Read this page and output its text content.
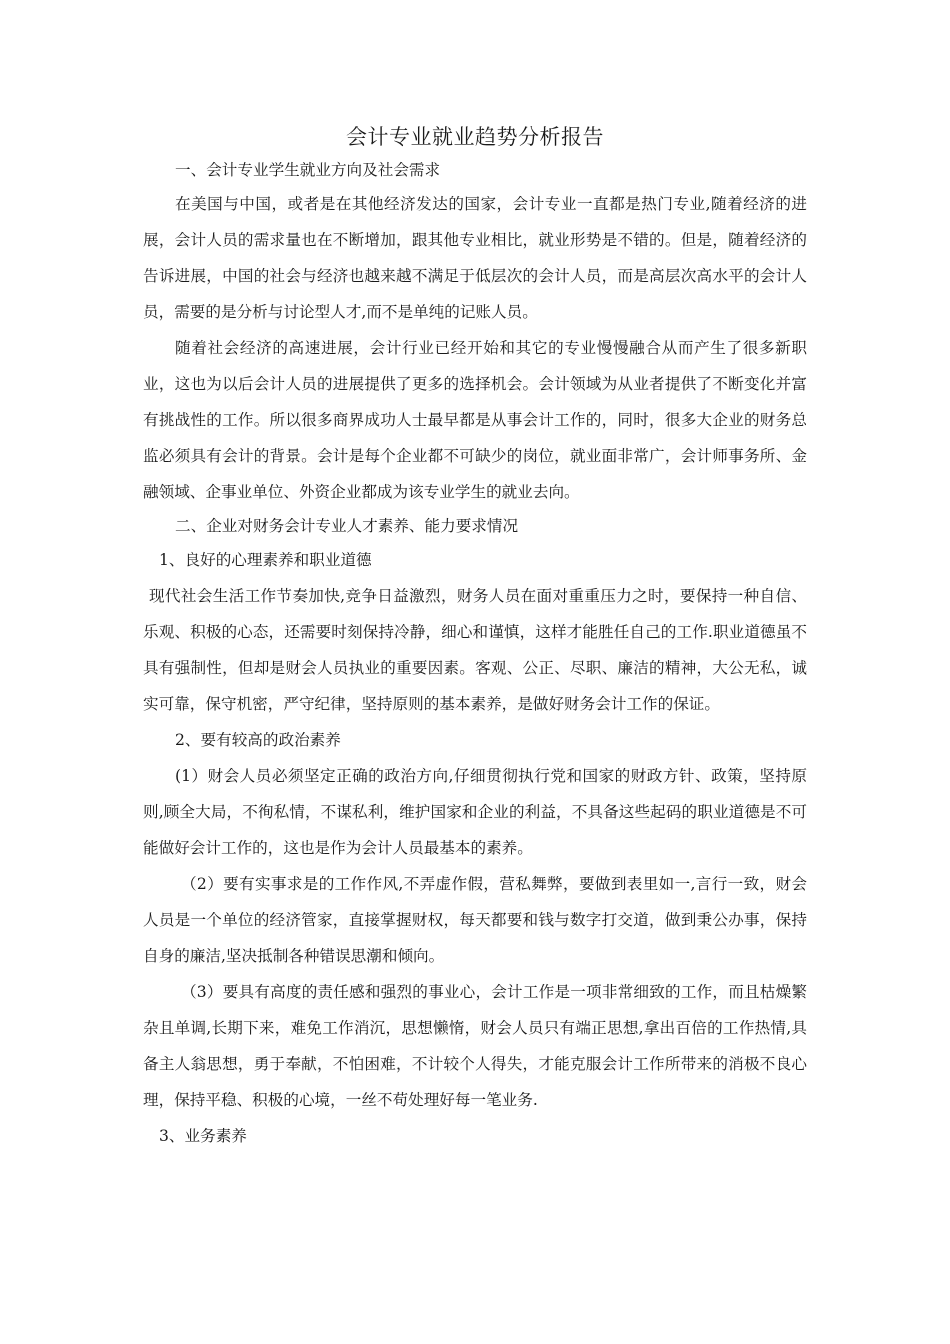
会计专业就业趋势分析报告

一、会计专业学生就业方向及社会需求

在美国与中国，或者是在其他经济发达的国家，会计专业一直都是热门专业,随着经济的进展，会计人员的需求量也在不断增加，跟其他专业相比，就业形势是不错的。但是，随着经济的告诉进展，中国的社会与经济也越来越不满足于低层次的会计人员，而是高层次高水平的会计人员，需要的是分析与讨论型人才,而不是单纯的记账人员。

随着社会经济的高速进展，会计行业已经开始和其它的专业慢慢融合从而产生了很多新职业，这也为以后会计人员的进展提供了更多的选择机会。会计领域为从业者提供了不断变化并富有挑战性的工作。所以很多商界成功人士最早都是从事会计工作的，同时，很多大企业的财务总监必须具有会计的背景。会计是每个企业都不可缺少的岗位，就业面非常广，会计师事务所、金融领域、企事业单位、外资企业都成为该专业学生的就业去向。

二、企业对财务会计专业人才素养、能力要求情况

1、良好的心理素养和职业道德

现代社会生活工作节奏加快,竞争日益激烈，财务人员在面对重重压力之时，要保持一种自信、乐观、积极的心态，还需要时刻保持冷静，细心和谨慎，这样才能胜任自己的工作.职业道德虽不具有强制性，但却是财会人员执业的重要因素。客观、公正、尽职、廉洁的精神，大公无私，诚实可靠，保守机密，严守纪律，坚持原则的基本素养，是做好财务会计工作的保证。

2、要有较高的政治素养

(1）财会人员必须坚定正确的政治方向,仔细贯彻执行党和国家的财政方针、政策，坚持原则,顾全大局，不徇私情，不谋私利，维护国家和企业的利益，不具备这些起码的职业道德是不可能做好会计工作的，这也是作为会计人员最基本的素养。

（2）要有实事求是的工作作风,不弄虚作假，营私舞弊，要做到表里如一,言行一致，财会人员是一个单位的经济管家，直接掌握财权，每天都要和钱与数字打交道，做到秉公办事，保持自身的廉洁,坚决抵制各种错误思潮和倾向。

（3）要具有高度的责任感和强烈的事业心，会计工作是一项非常细致的工作，而且枯燥繁杂且单调,长期下来，难免工作消沉，思想懒惰，财会人员只有端正思想,拿出百倍的工作热情,具备主人翁思想，勇于奉献，不怕困难，不计较个人得失，才能克服会计工作所带来的消极不良心理，保持平稳、积极的心境，一丝不苟处理好每一笔业务.

3、业务素养
